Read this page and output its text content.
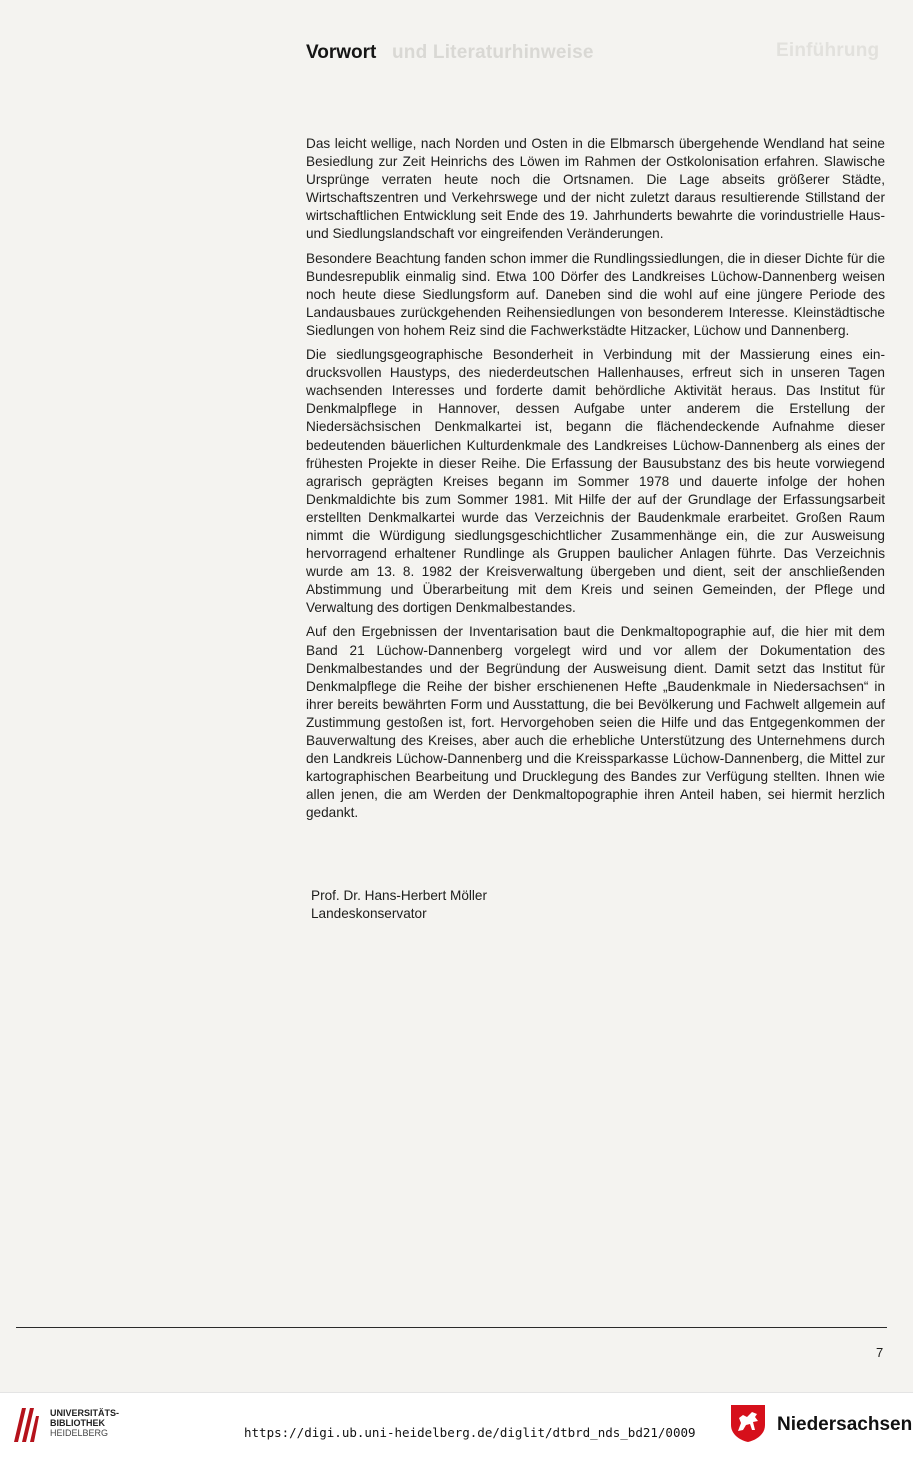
und Literaturhinweise	Einführung
Vorwort

Das leicht wellige, nach Norden und Osten in die Elbmarsch übergehende Wendland hat seine Besiedlung zur Zeit Heinrichs des Löwen im Rahmen der Ostkolonisation erfahren. Slawische Ursprünge verraten heute noch die Ortsnamen. Die Lage abseits größerer Städte, Wirtschaftszentren und Verkehrswege und der nicht zuletzt daraus resultierende Stillstand der wirtschaftlichen Entwicklung seit Ende des 19. Jahrhunderts bewahrte die vorindustrielle Haus- und Siedlungslandschaft vor eingreifenden Veränderungen.

Besondere Beachtung fanden schon immer die Rundlingssiedlungen, die in dieser Dichte für die Bundesrepublik einmalig sind. Etwa 100 Dörfer des Landkreises Lüchow-Dannenberg weisen noch heute diese Siedlungsform auf. Daneben sind die wohl auf eine jüngere Periode des Landausbaues zurückgehenden Reihensiedlungen von besonderem Interesse. Kleinstädtische Siedlungen von hohem Reiz sind die Fachwerkstädte Hitzacker, Lüchow und Dannenberg.

Die siedlungsgeographische Besonderheit in Verbindung mit der Massierung eines eindrucksvollen Haustyps, des niederdeutschen Hallenhauses, erfreut sich in unseren Tagen wachsenden Interesses und forderte damit behördliche Aktivität heraus. Das Institut für Denkmalpflege in Hannover, dessen Aufgabe unter anderem die Erstellung der Niedersächsischen Denkmalkartei ist, begann die flächendeckende Aufnahme dieser bedeutenden bäuerlichen Kulturdenkmale des Landkreises Lüchow-Dannenberg als eines der frühesten Projekte in dieser Reihe. Die Erfassung der Bausubstanz des bis heute vorwiegend agrarisch geprägten Kreises begann im Sommer 1978 und dauerte infolge der hohen Denkmaldichte bis zum Sommer 1981. Mit Hilfe der auf der Grundlage der Erfassungsarbeit erstellten Denkmalkartei wurde das Verzeichnis der Baudenkmale erarbeitet. Großen Raum nimmt die Würdigung siedlungsgeschichtlicher Zusammenhänge ein, die zur Ausweisung hervorragend erhaltener Rundlinge als Gruppen baulicher Anlagen führte. Das Verzeichnis wurde am 13. 8. 1982 der Kreisverwaltung übergeben und dient, seit der anschließenden Abstimmung und Überarbeitung mit dem Kreis und seinen Gemeinden, der Pflege und Verwaltung des dortigen Denkmalbestandes.

Auf den Ergebnissen der Inventarisation baut die Denkmaltopographie auf, die hier mit dem Band 21 Lüchow-Dannenberg vorgelegt wird und vor allem der Dokumentation des Denkmalbestandes und der Begründung der Ausweisung dient. Damit setzt das Institut für Denkmalpflege die Reihe der bisher erschienenen Hefte „Baudenkmale in Niedersachsen“ in ihrer bereits bewährten Form und Ausstattung, die bei Bevölkerung und Fachwelt allgemein auf Zustimmung gestoßen ist, fort. Hervorgehoben seien die Hilfe und das Entgegenkommen der Bauverwaltung des Kreises, aber auch die erhebliche Unterstützung des Unternehmens durch den Landkreis Lüchow-Dannenberg und die Kreissparkasse Lüchow-Dannenberg, die Mittel zur kartographischen Bearbeitung und Drucklegung des Bandes zur Verfügung stellten. Ihnen wie allen jenen, die am Werden der Denkmaltopographie ihren Anteil haben, sei hiermit herzlich gedankt.

Prof. Dr. Hans-Herbert Möller
Landeskonservator
7
UNIVERSITÄTS-
BIBLIOTHEK
HEIDELBERG	https://digi.ub.uni-heidelberg.de/diglit/dtbrd_nds_bd21/0009	Niedersachsen
